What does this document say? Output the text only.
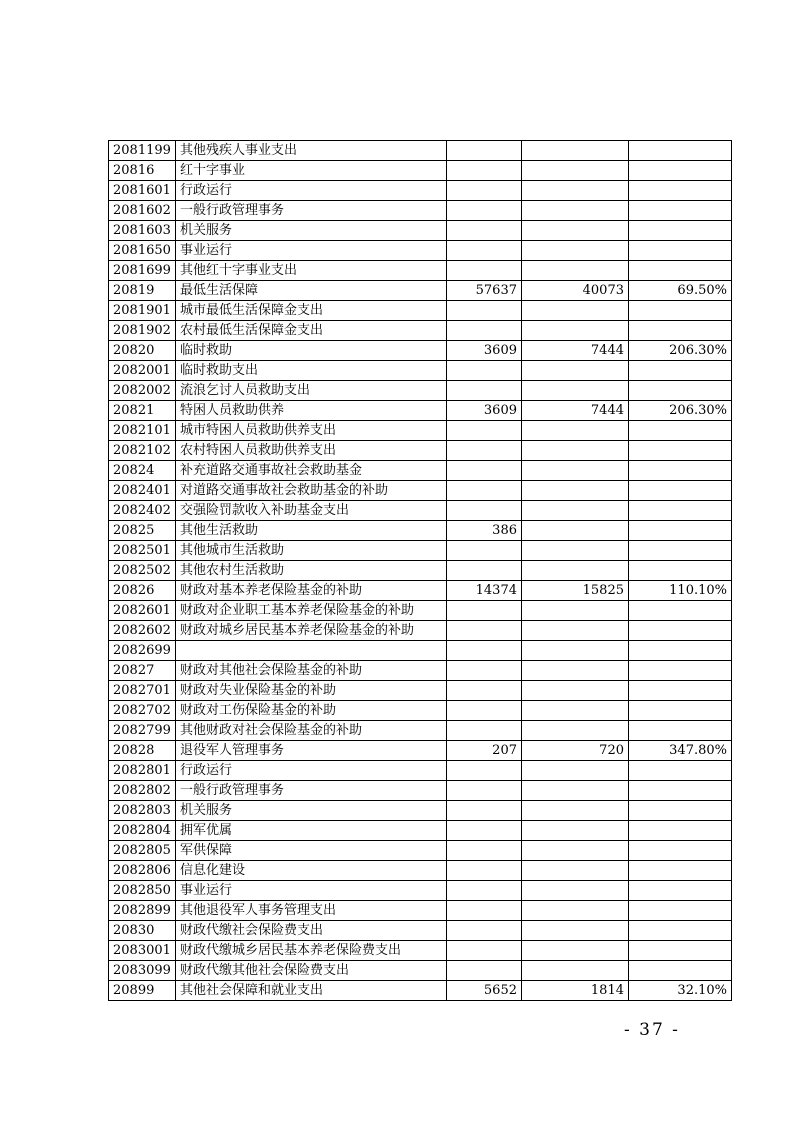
2081199	其他残疾人事业支出			
20816	红十字事业			
2081601	行政运行			
2081602	一般行政管理事务			
2081603	机关服务			
2081650	事业运行			
2081699	其他红十字事业支出			
20819	最低生活保障	57637	40073	69.50%
2081901	城市最低生活保障金支出			
2081902	农村最低生活保障金支出			
20820	临时救助	3609	7444	206.30%
2082001	临时救助支出			
2082002	流浪乞讨人员救助支出			
20821	特困人员救助供养	3609	7444	206.30%
2082101	城市特困人员救助供养支出			
2082102	农村特困人员救助供养支出			
20824	补充道路交通事故社会救助基金			
2082401	对道路交通事故社会救助基金的补助			
2082402	交强险罚款收入补助基金支出			
20825	其他生活救助	386		
2082501	其他城市生活救助			
2082502	其他农村生活救助			
20826	财政对基本养老保险基金的补助	14374	15825	110.10%
2082601	财政对企业职工基本养老保险基金的补助			
2082602	财政对城乡居民基本养老保险基金的补助			
2082699				
20827	财政对其他社会保险基金的补助			
2082701	财政对失业保险基金的补助			
2082702	财政对工伤保险基金的补助			
2082799	其他财政对社会保险基金的补助			
20828	退役军人管理事务	207	720	347.80%
2082801	行政运行			
2082802	一般行政管理事务			
2082803	机关服务			
2082804	拥军优属			
2082805	军供保障			
2082806	信息化建设			
2082850	事业运行			
2082899	其他退役军人事务管理支出			
20830	财政代缴社会保险费支出			
2083001	财政代缴城乡居民基本养老保险费支出			
2083099	财政代缴其他社会保险费支出			
20899	其他社会保障和就业支出	5652	1814	32.10%
- 37 -
